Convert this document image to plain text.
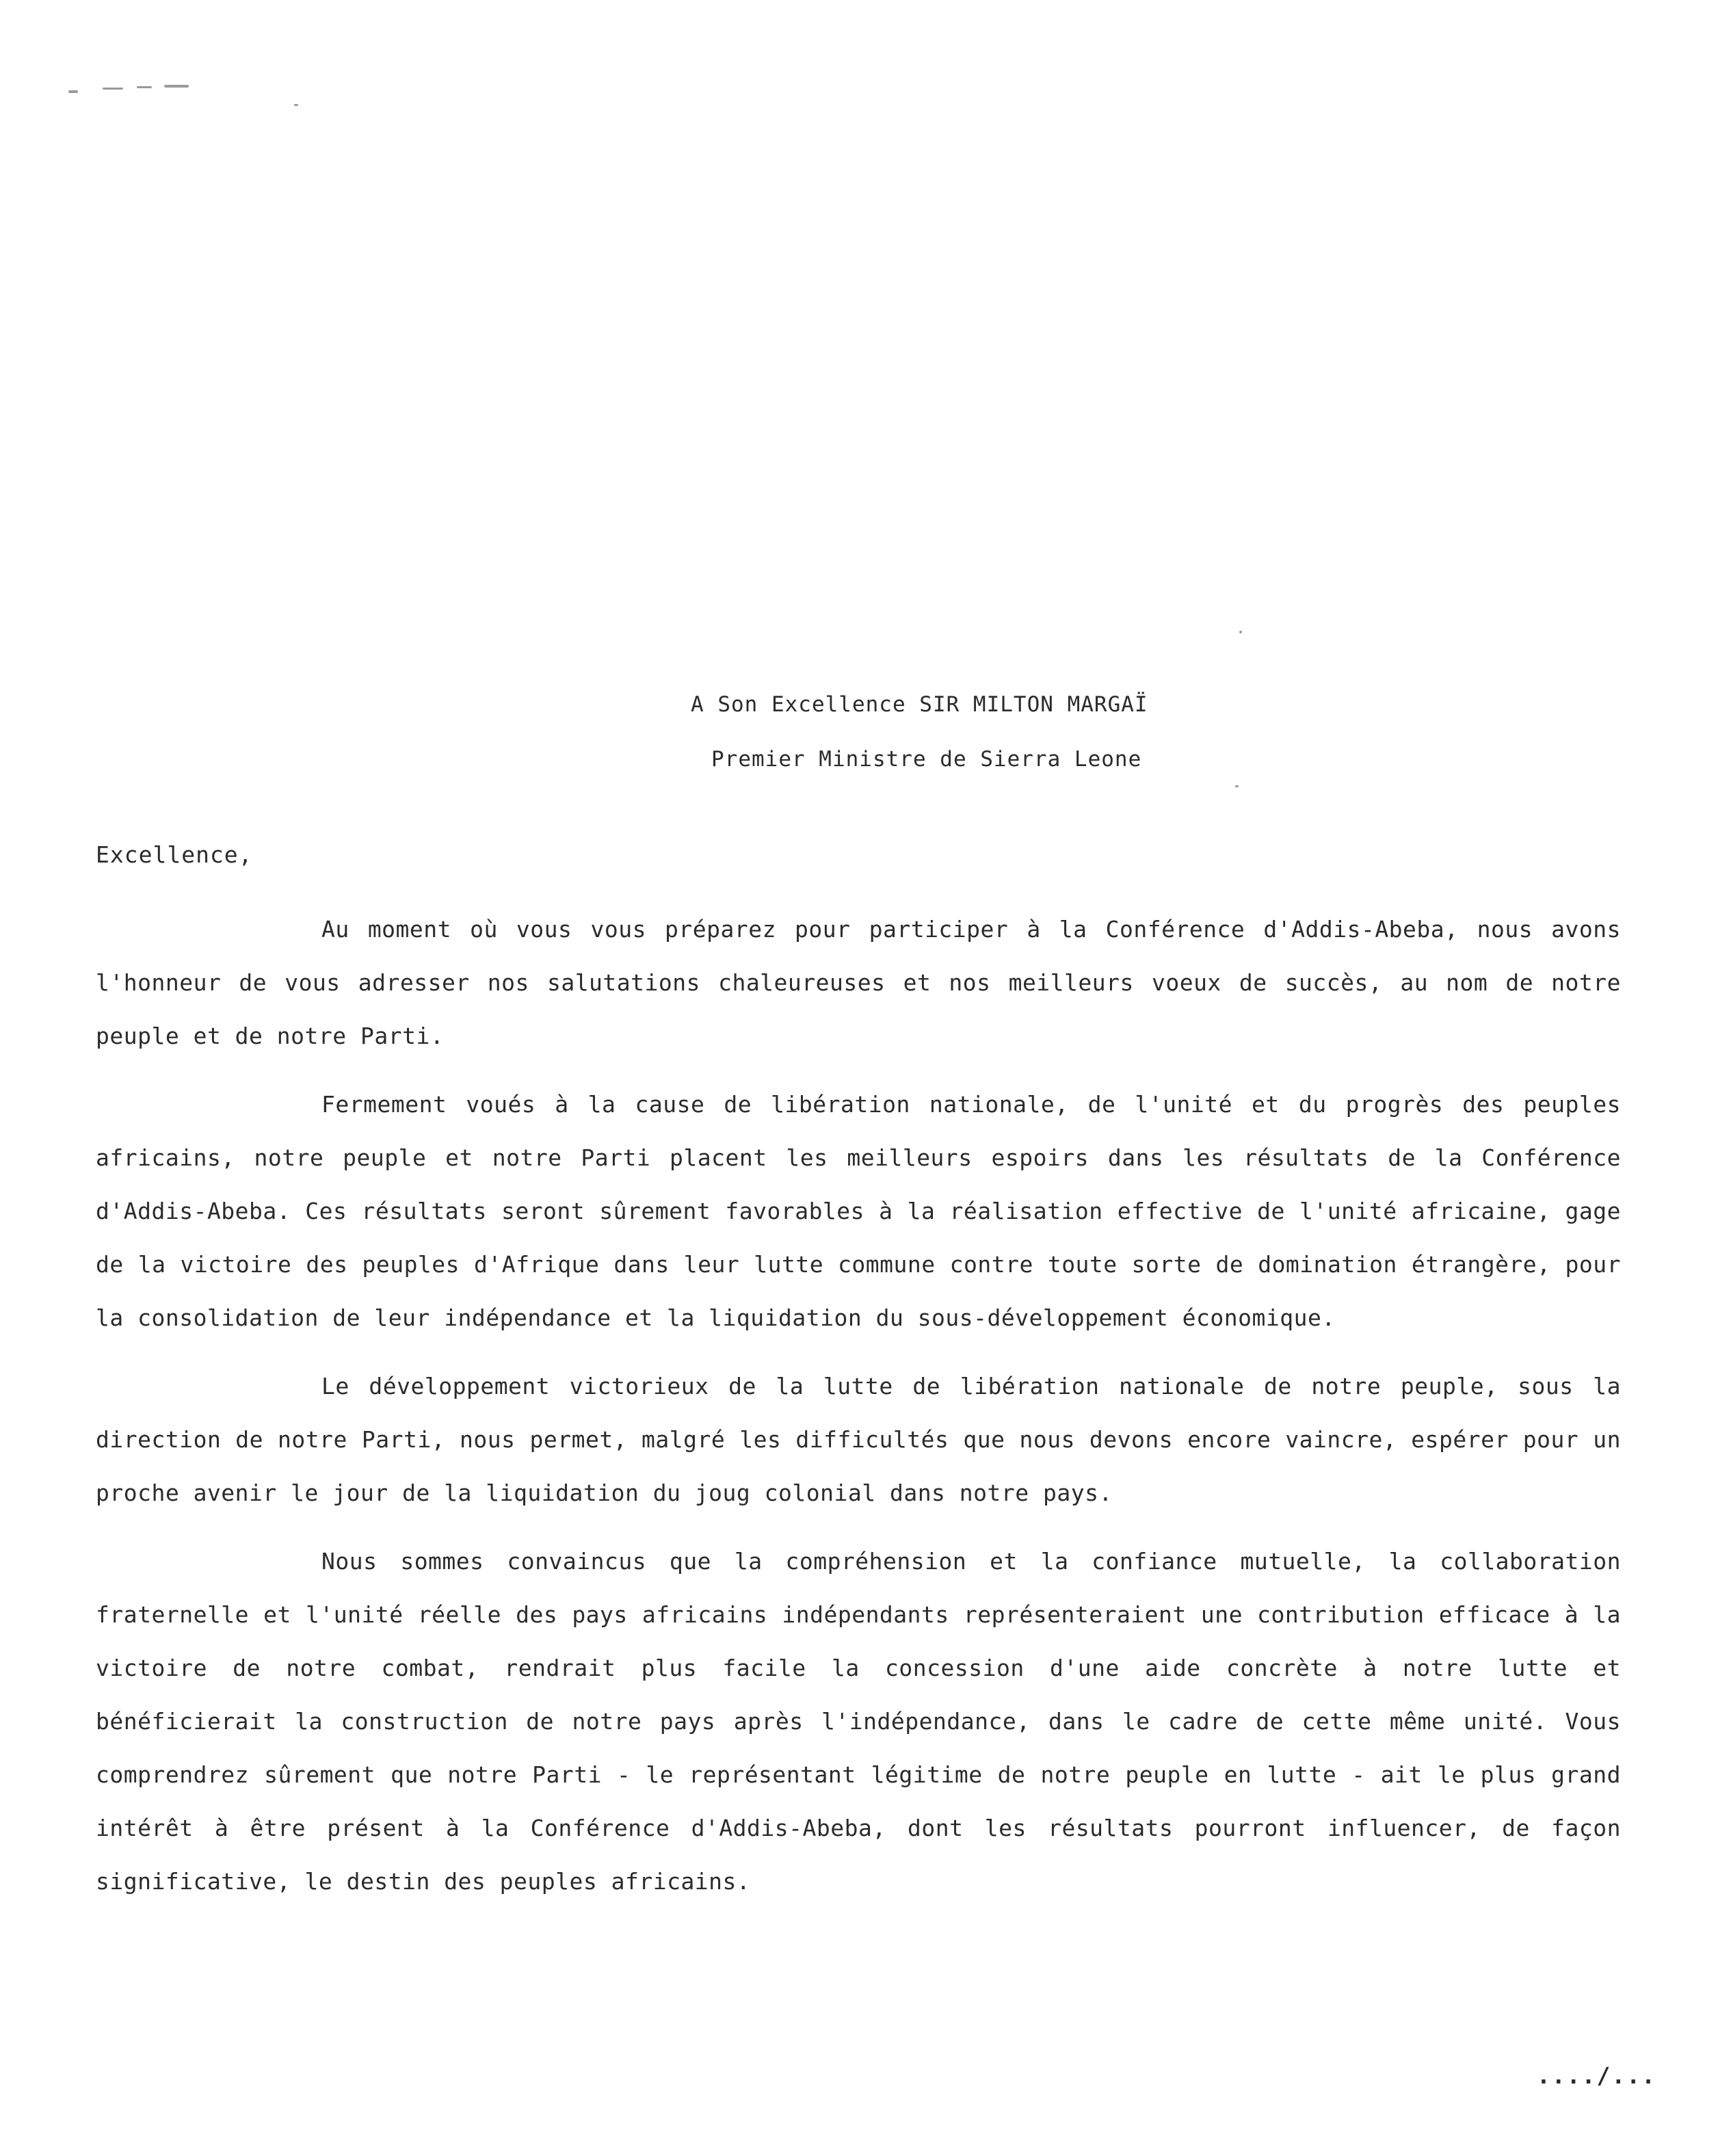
A Son Excellence SIR MILTON MARGAÏ
Premier Ministre de Sierra Leone
Excellence,

Au moment où vous vous préparez pour participer à la Conférence d'Addis-Abeba, nous avons l'honneur de vous adresser nos salutations chaleureuses et nos meilleurs voeux de succès, au nom de notre peuple et de notre Parti.

Fermement voués à la cause de libération nationale, de l'unité et du progrès des peuples africains, notre peuple et notre Parti placent les meilleurs espoirs dans les résultats de la Conférence d'Addis-Abeba. Ces résultats seront sûrement favorables à la réalisation effective de l'unité africaine, gage de la victoire des peuples d'Afrique dans leur lutte commune contre toute sorte de domination étrangère, pour la consolidation de leur indépendance et la liquidation du sous-développement économique.

Le développement victorieux de la lutte de libération nationale de notre peuple, sous la direction de notre Parti, nous permet, malgré les difficultés que nous devons encore vaincre, espérer pour un proche avenir le jour de la liquidation du joug colonial dans notre pays.

Nous sommes convaincus que la compréhension et la confiance mutuelle, la collaboration fraternelle et l'unité réelle des pays africains indépendants représenteraient une contribution efficace à la victoire de notre combat, rendrait plus facile la concession d'une aide concrète à notre lutte et bénéficierait la construction de notre pays après l'indépendance, dans le cadre de cette même unité. Vous comprendrez sûrement que notre Parti - le représentant légitime de notre peuple en lutte - ait le plus grand intérêt à être présent à la Conférence d'Addis-Abeba, dont les résultats pourront influencer, de façon significative, le destin des peuples africains.

..../...
